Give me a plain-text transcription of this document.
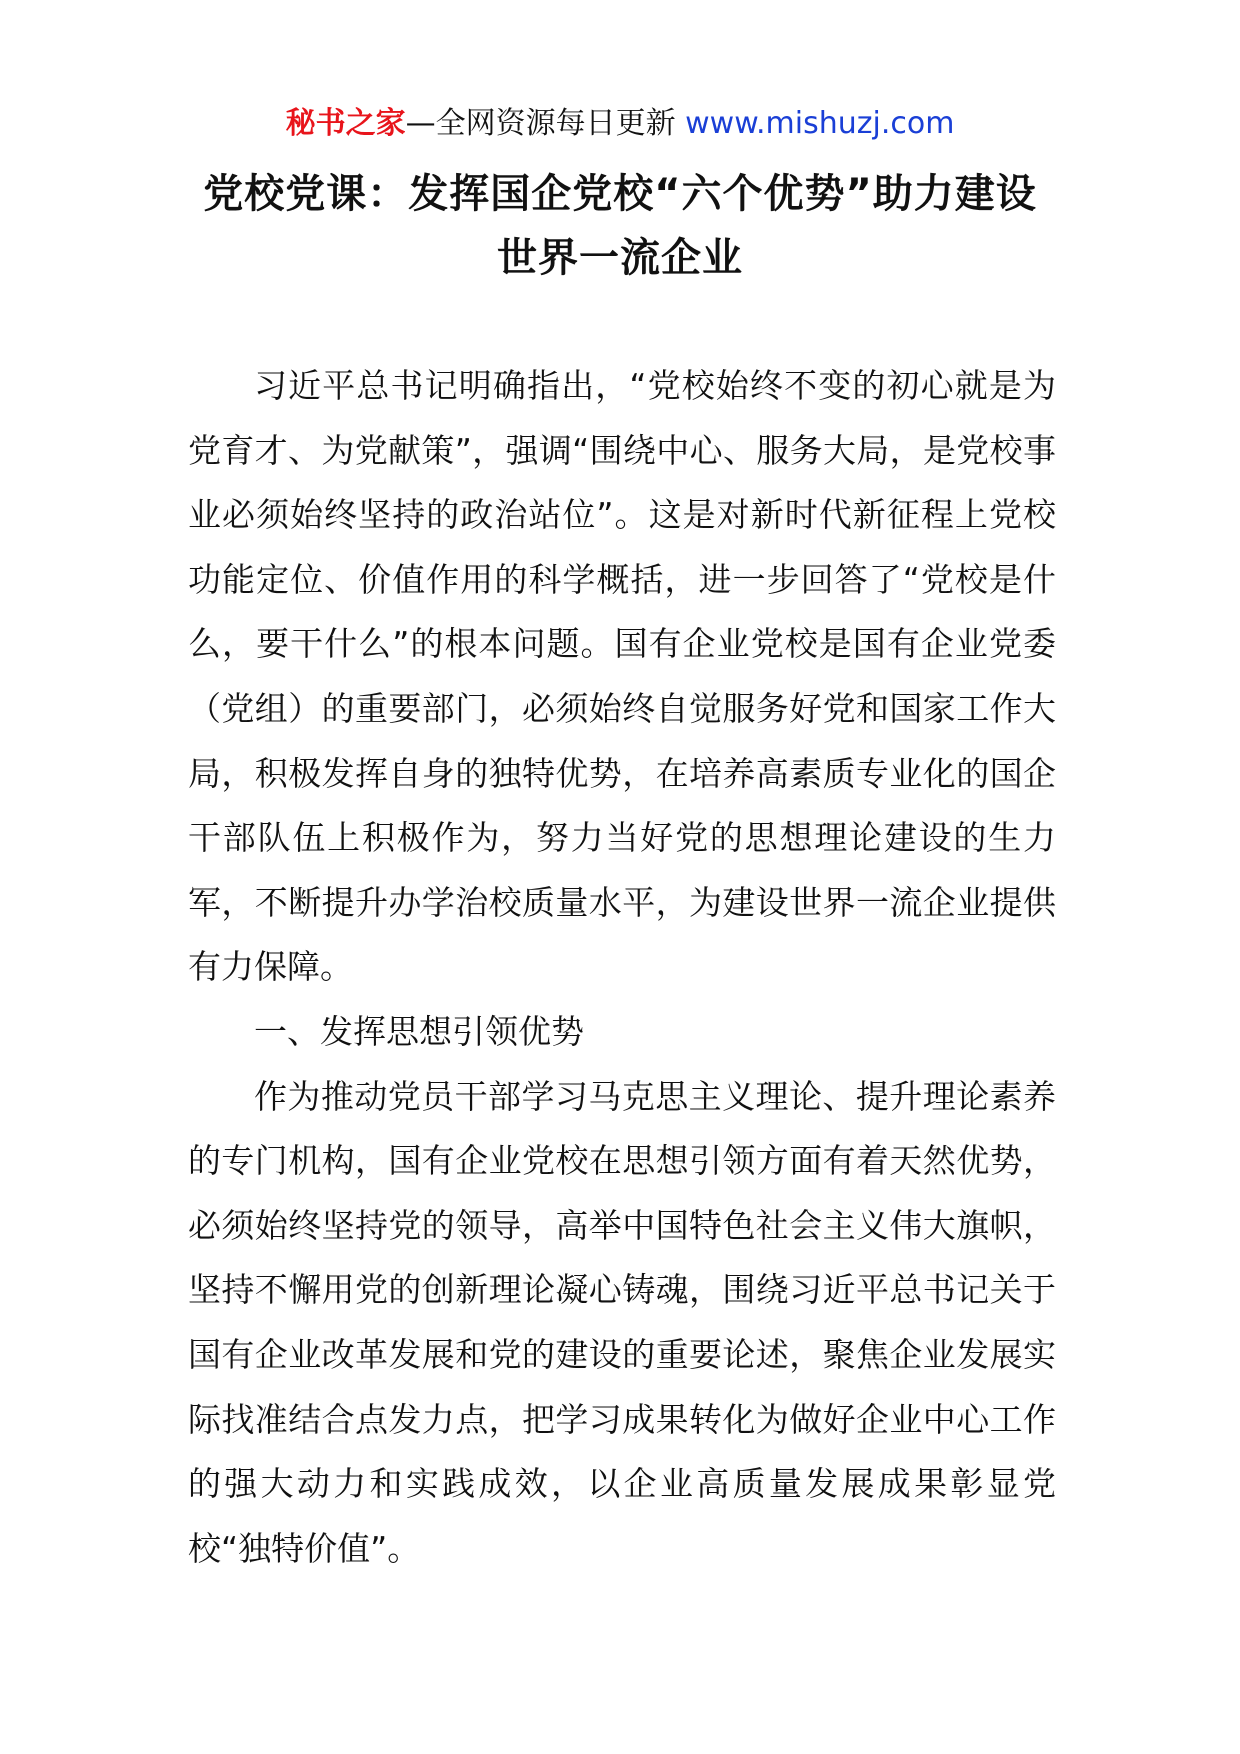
秘书之家—全网资源每日更新 www.mishuzj.com
党校党课：发挥国企党校“六个优势”助力建设世界一流企业

习近平总书记明确指出，“党校始终不变的初心就是为党育才、为党献策”，强调“围绕中心、服务大局，是党校事业必须始终坚持的政治站位”。这是对新时代新征程上党校功能定位、价值作用的科学概括，进一步回答了“党校是什么，要干什么”的根本问题。国有企业党校是国有企业党委（党组）的重要部门，必须始终自觉服务好党和国家工作大局，积极发挥自身的独特优势，在培养高素质专业化的国企干部队伍上积极作为，努力当好党的思想理论建设的生力军，不断提升办学治校质量水平，为建设世界一流企业提供有力保障。

一、发挥思想引领优势

作为推动党员干部学习马克思主义理论、提升理论素养的专门机构，国有企业党校在思想引领方面有着天然优势，必须始终坚持党的领导，高举中国特色社会主义伟大旗帜，坚持不懈用党的创新理论凝心铸魂，围绕习近平总书记关于国有企业改革发展和党的建设的重要论述，聚焦企业发展实际找准结合点发力点，把学习成果转化为做好企业中心工作的强大动力和实践成效，以企业高质量发展成果彰显党校“独特价值”。
